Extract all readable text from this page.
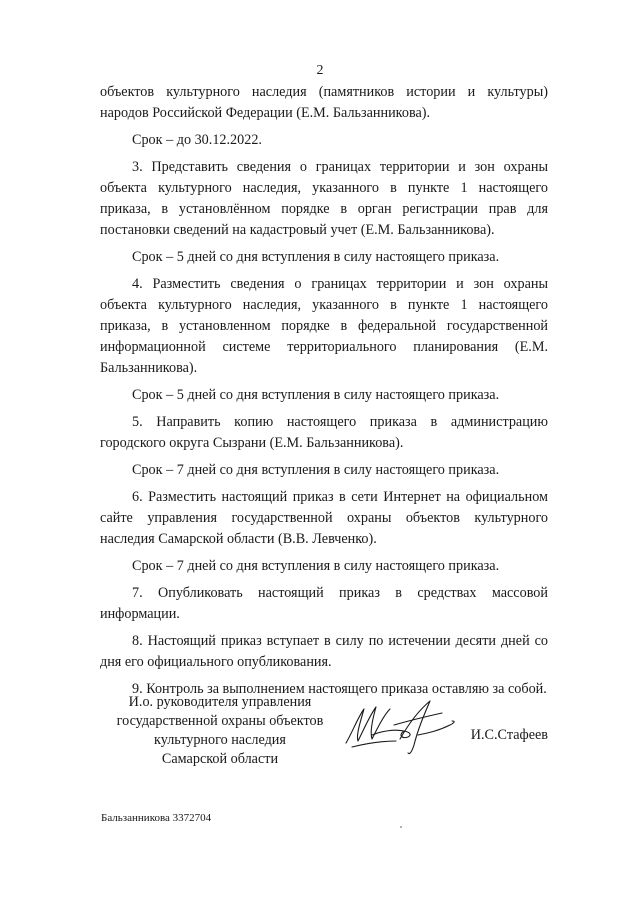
2

объектов культурного наследия (памятников истории и культуры) народов Российской Федерации (Е.М. Бальзанникова).

Срок – до 30.12.2022.

3. Представить сведения о границах территории и зон охраны объекта культурного наследия, указанного в пункте 1 настоящего приказа, в установлённом порядке в орган регистрации прав для постановки сведений на кадастровый учет (Е.М. Бальзанникова).

Срок – 5 дней со дня вступления в силу настоящего приказа.

4. Разместить сведения о границах территории и зон охраны объекта культурного наследия, указанного в пункте 1 настоящего приказа, в установленном порядке в федеральной государственной информационной системе территориального планирования (Е.М. Бальзанникова).

Срок – 5 дней со дня вступления в силу настоящего приказа.

5. Направить копию настоящего приказа в администрацию городского округа Сызрани (Е.М. Бальзанникова).

Срок – 7 дней со дня вступления в силу настоящего приказа.

6. Разместить настоящий приказ в сети Интернет на официальном сайте управления государственной охраны объектов культурного наследия Самарской области (В.В. Левченко).

Срок – 7 дней со дня вступления в силу настоящего приказа.

7. Опубликовать настоящий приказ в средствах массовой информации.

8. Настоящий приказ вступает в силу по истечении десяти дней со дня его официального опубликования.

9. Контроль за выполнением настоящего приказа оставляю за собой.

И.о. руководителя управления
государственной охраны объектов
культурного наследия
Самарской области
И.С.Стафеев
Бальзанникова 3372704
